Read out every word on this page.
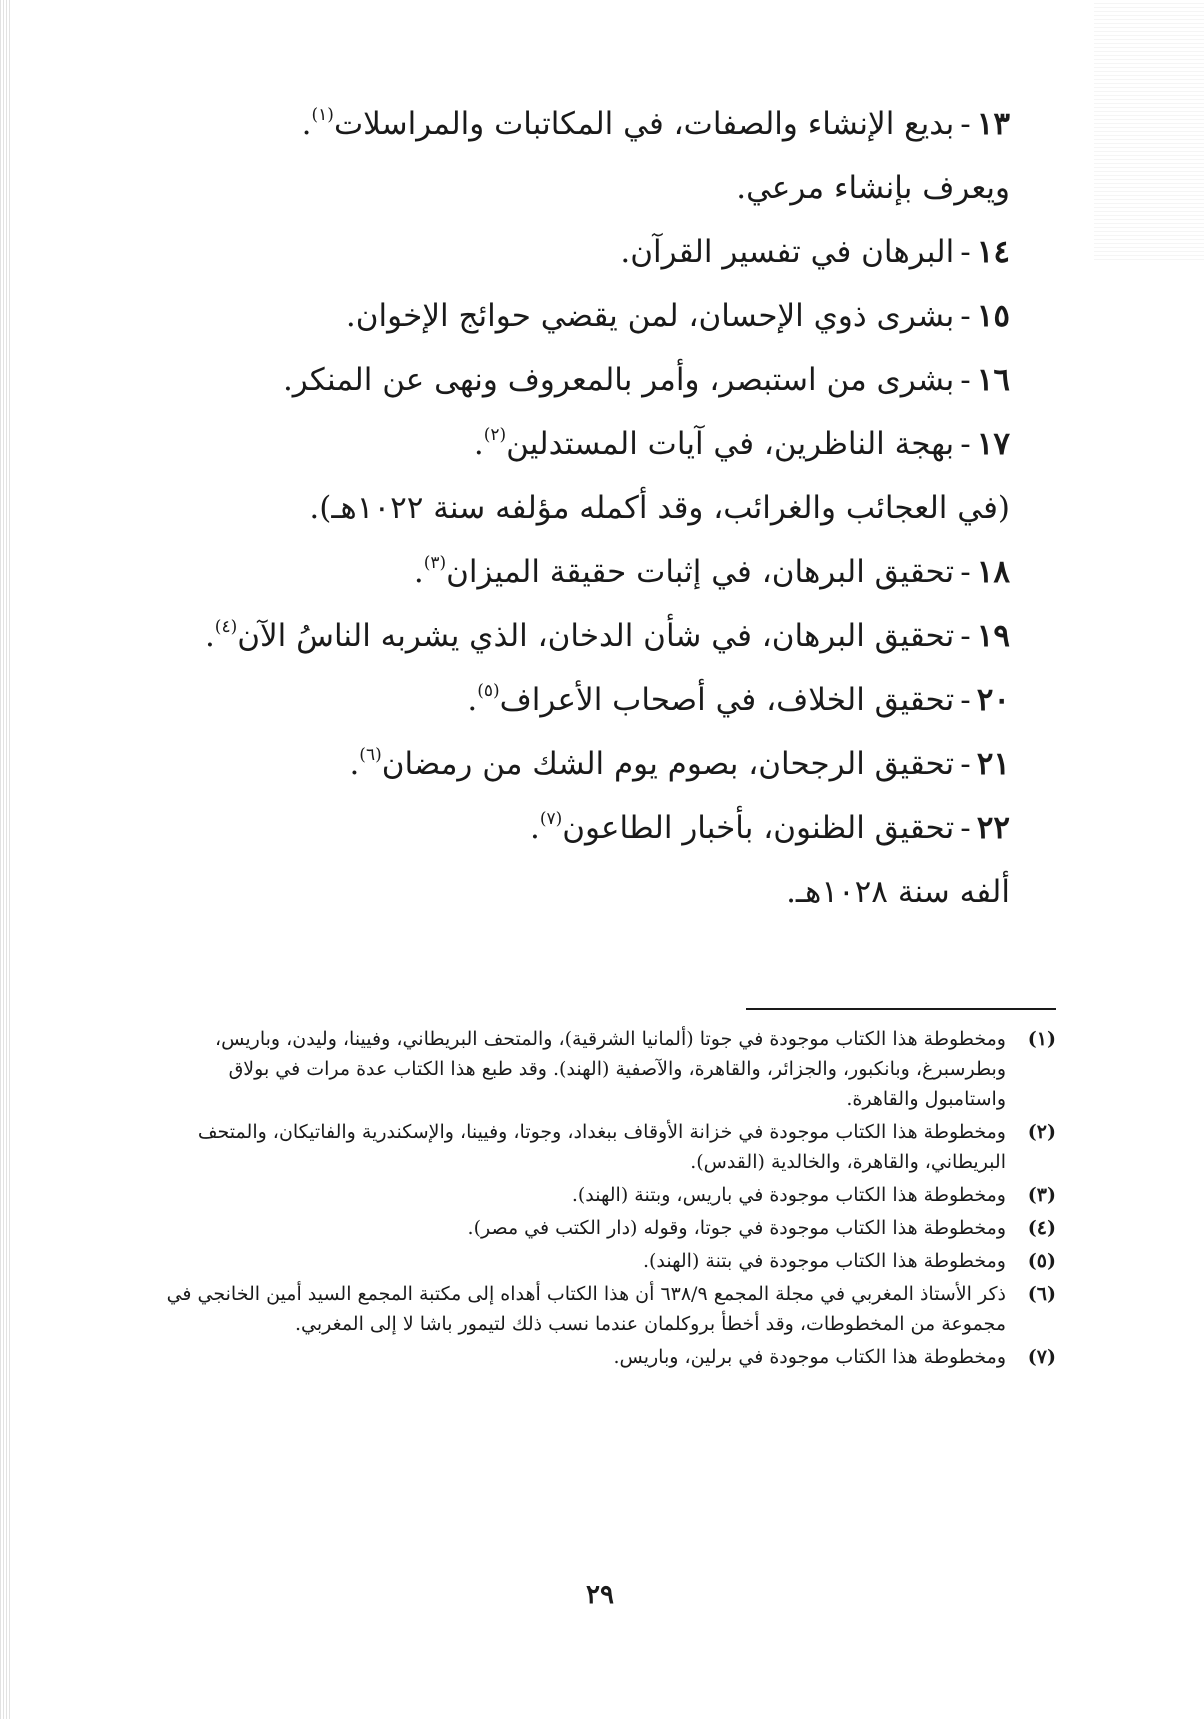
١٣-بديع الإنشاء والصفات، في المكاتبات والمراسلات$^{(١)}$.
ويعرف بإنشاء مرعي.
١٤-البرهان في تفسير القرآن.
١٥-بشرى ذوي الإحسان، لمن يقضي حوائج الإخوان.
١٦-بشرى من استبصر، وأمر بالمعروف ونهى عن المنكر.
١٧-بهجة الناظرين، في آيات المستدلين$^{(٢)}$.
(في العجائب والغرائب، وقد أكمله مؤلفه سنة ١٠٢٢هـ).
١٨-تحقيق البرهان، في إثبات حقيقة الميزان$^{(٣)}$.
١٩-تحقيق البرهان، في شأن الدخان، الذي يشربه الناسُ الآن$^{(٤)}$.
٢٠-تحقيق الخلاف، في أصحاب الأعراف$^{(٥)}$.
٢١-تحقيق الرجحان، بصوم يوم الشك من رمضان$^{(٦)}$.
٢٢-تحقيق الظنون، بأخبار الطاعون$^{(٧)}$.
ألفه سنة ١٠٢٨هـ.
(١)
ومخطوطة هذا الكتاب موجودة في جوتا (ألمانيا الشرقية)، والمتحف البريطاني، وفيينا، وليدن، وباريس، وبطرسبرغ، وبانكبور، والجزائر، والقاهرة، والآصفية (الهند). وقد طبع هذا الكتاب عدة مرات في بولاق واستامبول والقاهرة.
(٢)
ومخطوطة هذا الكتاب موجودة في خزانة الأوقاف ببغداد، وجوتا، وفيينا، والإسكندرية والفاتيكان، والمتحف البريطاني، والقاهرة، والخالدية (القدس).
(٣)
ومخطوطة هذا الكتاب موجودة في باريس، وبتنة (الهند).
(٤)
ومخطوطة هذا الكتاب موجودة في جوتا، وقوله (دار الكتب في مصر).
(٥)
ومخطوطة هذا الكتاب موجودة في بتنة (الهند).
(٦)
ذكر الأستاذ المغربي في مجلة المجمع ٦٣٨/٩ أن هذا الكتاب أهداه إلى مكتبة المجمع السيد أمين الخانجي في مجموعة من المخطوطات، وقد أخطأ بروكلمان عندما نسب ذلك لتيمور باشا لا إلى المغربي.
(٧)
ومخطوطة هذا الكتاب موجودة في برلين، وباريس.
٢٩
